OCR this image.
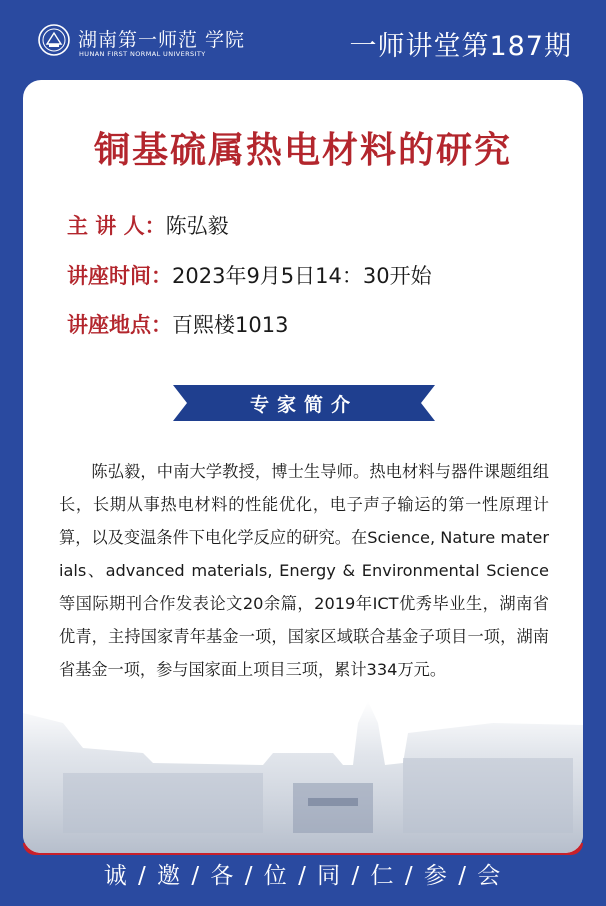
湖南第一师范 学院
HUNAN FIRST NORMAL UNIVERSITY	一师讲堂第187期
铜基硫属热电材料的研究
主 讲 人：陈弘毅
讲座时间：2023年9月5日14：30开始
讲座地点：百熙楼1013
专家简介
陈弘毅，中南大学教授，博士生导师。热电材料与器件课题组组长，长期从事热电材料的性能优化，电子声子输运的第一性原理计算，以及变温条件下电化学反应的研究。在Science, Nature materials、advanced materials, Energy & Environmental Science 等国际期刊合作发表论文20余篇，2019年ICT优秀毕业生，湖南省优青，主持国家青年基金一项，国家区域联合基金子项目一项，湖南省基金一项，参与国家面上项目三项，累计334万元。
诚 / 邀 / 各 / 位 / 同 / 仁 / 参 / 会
